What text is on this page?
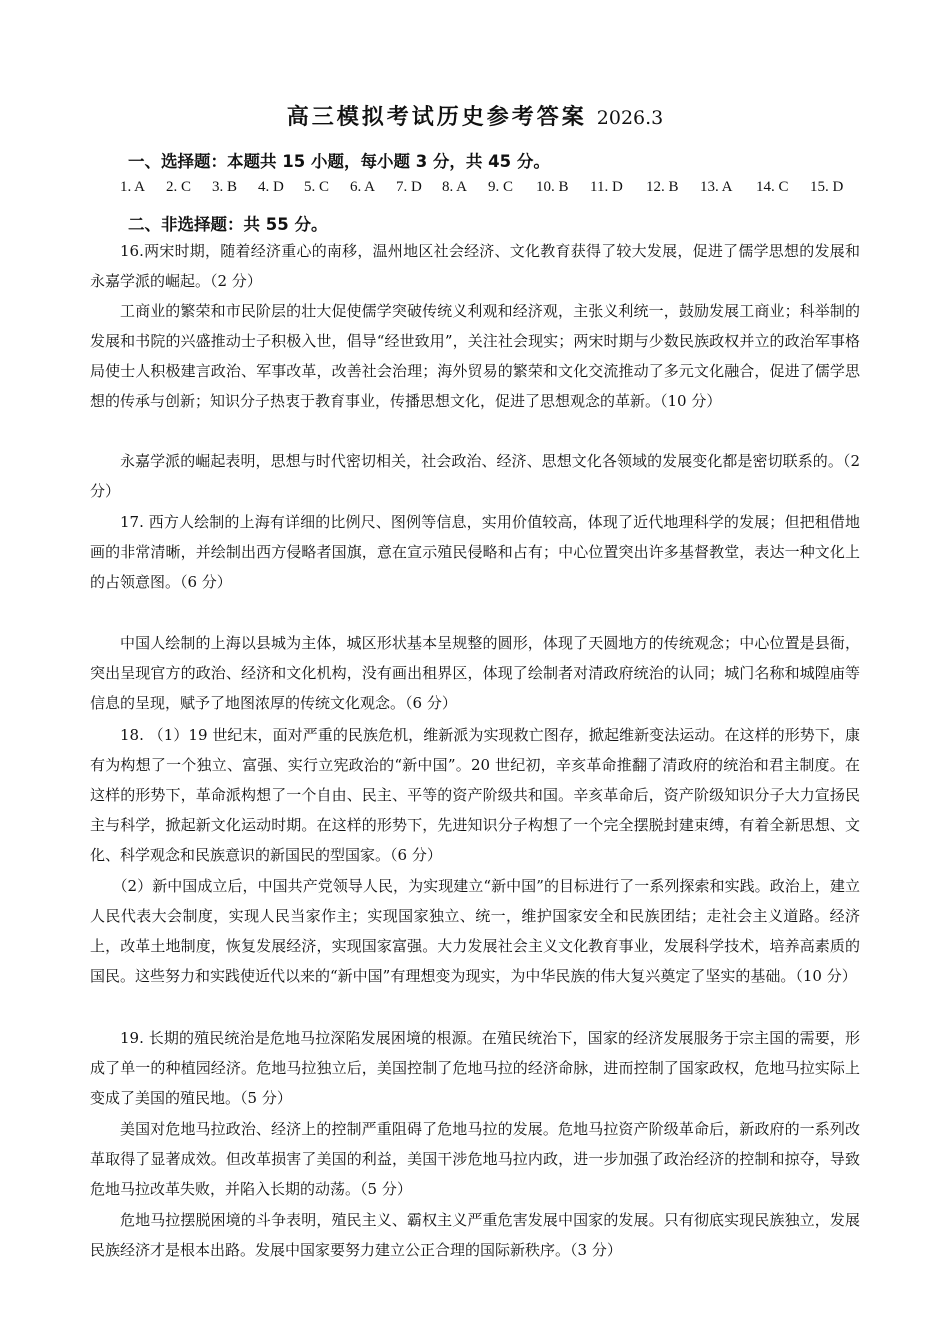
高三模拟考试历史参考答案 2026.3
一、选择题：本题共 15 小题，每小题 3 分，共 45 分。
1. A 2. C 3. B 4. D 5. C 6. A 7. D 8. A 9. C 10. B 11. D 12. B 13. A 14. C 15. D
二、非选择题：共 55 分。

16.两宋时期，随着经济重心的南移，温州地区社会经济、文化教育获得了较大发展，促进了儒学思想的发展和永嘉学派的崛起。（2 分）

工商业的繁荣和市民阶层的壮大促使儒学突破传统义利观和经济观，主张义利统一，鼓励发展工商业；科举制的发展和书院的兴盛推动士子积极入世，倡导“经世致用”，关注社会现实；两宋时期与少数民族政权并立的政治军事格局使士人积极建言政治、军事改革，改善社会治理；海外贸易的繁荣和文化交流推动了多元文化融合，促进了儒学思想的传承与创新；知识分子热衷于教育事业，传播思想文化，促进了思想观念的革新。（10 分）

永嘉学派的崛起表明，思想与时代密切相关，社会政治、经济、思想文化各领域的发展变化都是密切联系的。（2 分）

17. 西方人绘制的上海有详细的比例尺、图例等信息，实用价值较高，体现了近代地理科学的发展；但把租借地画的非常清晰，并绘制出西方侵略者国旗，意在宣示殖民侵略和占有；中心位置突出许多基督教堂，表达一种文化上的占领意图。（6 分）

中国人绘制的上海以县城为主体，城区形状基本呈规整的圆形，体现了天圆地方的传统观念；中心位置是县衙，突出呈现官方的政治、经济和文化机构，没有画出租界区，体现了绘制者对清政府统治的认同；城门名称和城隍庙等信息的呈现，赋予了地图浓厚的传统文化观念。（6 分）

18. （1）19 世纪末，面对严重的民族危机，维新派为实现救亡图存，掀起维新变法运动。在这样的形势下，康有为构想了一个独立、富强、实行立宪政治的“新中国”。20 世纪初，辛亥革命推翻了清政府的统治和君主制度。在这样的形势下，革命派构想了一个自由、民主、平等的资产阶级共和国。辛亥革命后，资产阶级知识分子大力宣扬民主与科学，掀起新文化运动时期。在这样的形势下，先进知识分子构想了一个完全摆脱封建束缚，有着全新思想、文化、科学观念和民族意识的新国民的型国家。（6 分）

（2）新中国成立后，中国共产党领导人民，为实现建立“新中国”的目标进行了一系列探索和实践。政治上，建立人民代表大会制度，实现人民当家作主；实现国家独立、统一，维护国家安全和民族团结；走社会主义道路。经济上，改革土地制度，恢复发展经济，实现国家富强。大力发展社会主义文化教育事业，发展科学技术，培养高素质的国民。这些努力和实践使近代以来的“新中国”有理想变为现实，为中华民族的伟大复兴奠定了坚实的基础。（10 分）

19. 长期的殖民统治是危地马拉深陷发展困境的根源。在殖民统治下，国家的经济发展服务于宗主国的需要，形成了单一的种植园经济。危地马拉独立后，美国控制了危地马拉的经济命脉，进而控制了国家政权，危地马拉实际上变成了美国的殖民地。（5 分）

美国对危地马拉政治、经济上的控制严重阻碍了危地马拉的发展。危地马拉资产阶级革命后，新政府的一系列改革取得了显著成效。但改革损害了美国的利益，美国干涉危地马拉内政，进一步加强了政治经济的控制和掠夺，导致危地马拉改革失败，并陷入长期的动荡。（5 分）

危地马拉摆脱困境的斗争表明，殖民主义、霸权主义严重危害发展中国家的发展。只有彻底实现民族独立，发展民族经济才是根本出路。发展中国家要努力建立公正合理的国际新秩序。（3 分）
